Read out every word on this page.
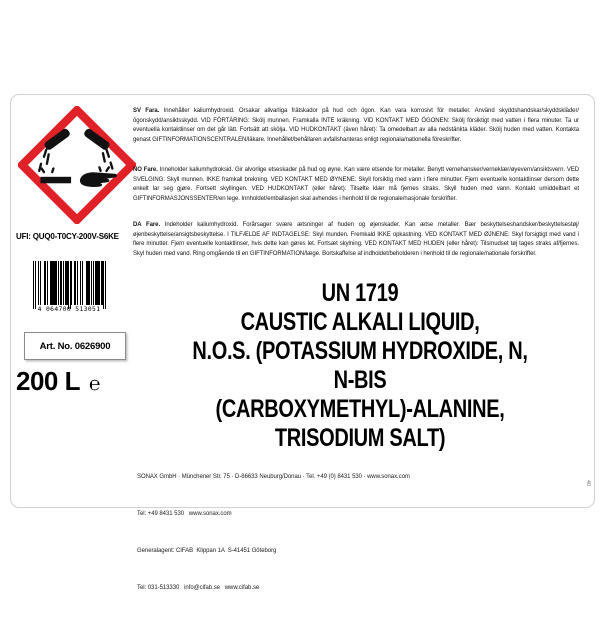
UFI: QUQ0-T0CY-200V-S6KE

SV Fara. Innehåller kaliumhydroxid. Orsakar allvarliga frätskador på hud och ögon. Kan vara korrosivt för metaller. Använd skyddshandskar/skyddskläder/ögonskydd/ansiktsskydd. VID FÖRTÄRING: Skölj munnen. Framkalla INTE kräkning. VID KONTAKT MED ÖGONEN: Skölj försiktigt med vatten i flera minuter. Ta ur eventuella kontaktlinser om det går lätt. Fortsätt att skölja. VID HUDKONTAKT (även håret): Ta omedelbart av alla nedstänkta kläder. Skölj huden med vatten. Kontakta genast GIFTINFORMATIONSCENTRALEN/läkare. Innehållet/behållaren avfallshanteras enligt regionala/nationella föreskrifter.

NO Fare. Inneholder kaliumhydroksid. Gir alvorlige etseskader på hud og øyne. Kan være etsende for metaller. Benytt vernehansker/verneklær/øyevern/ansiktsvern. VED SVELGING: Skyll munnen. IKKE framkall brekning. VED KONTAKT MED ØYNENE: Skyll forsiktig med vann i flere minutter. Fjern eventuelle kontaktlinser dersom dette enkelt lar seg gjøre. Fortsett skyllingen. VED HUDKONTAKT (eller håret): Tilsølte klær må fjernes straks. Skyll huden med vann. Kontakt umiddelbart et GIFTINFORMASJONSSENTER/en lege. Innholdet/emballasjen skal avhendes i henhold til de regionale/nasjonale forskrifter.

DA Fare. Indeholder kaliumhydroxid. Forårsager svære ætsninger af huden og øjenskader. Kan ætse metaller. Bær beskyttelseshandsker/beskyttelsestøj/øjenbeskyttelse/ansigtsbeskyttelse. I TILFÆLDE AF INDTAGELSE: Skyl munden. Fremkald IKKE opkastning. VED KONTAKT MED ØJNENE: Skyl forsigtigt med vand i flere minutter. Fjern eventuelle kontaktlinser, hvis dette kan gøres let. Fortsæt skylning. VED KONTAKT MED HUDEN (eller håret): Tilsmudset tøj tages straks af/fjernes. Skyl huden med vand. Ring omgående til en GIFTINFORMATION/læge. Bortskaffelse af indholdet/beholderen i henhold til de regionale/nationale forskrifter.

4 064700 513051
Art. No. 0626900
200 L ℮
UN 1719
CAUSTIC ALKALI LIQUID,
N.O.S. (POTASSIUM HYDROXIDE, N, N-BIS
(CARBOXYMETHYL)-ALANINE, TRISODIUM SALT)

SONAX GmbH · Münchener Str. 75 · D-86633 Neuburg/Donau · Tel. +49 (0) 8431 530 · www.sonax.com

Tel: +49 8431 530   www.sonax.com

Generalagent: CIFAB  Klippan 1A  S-41451 Göteborg

Tel: 031-513330   info@cifab.se   www.cifab.se

40
